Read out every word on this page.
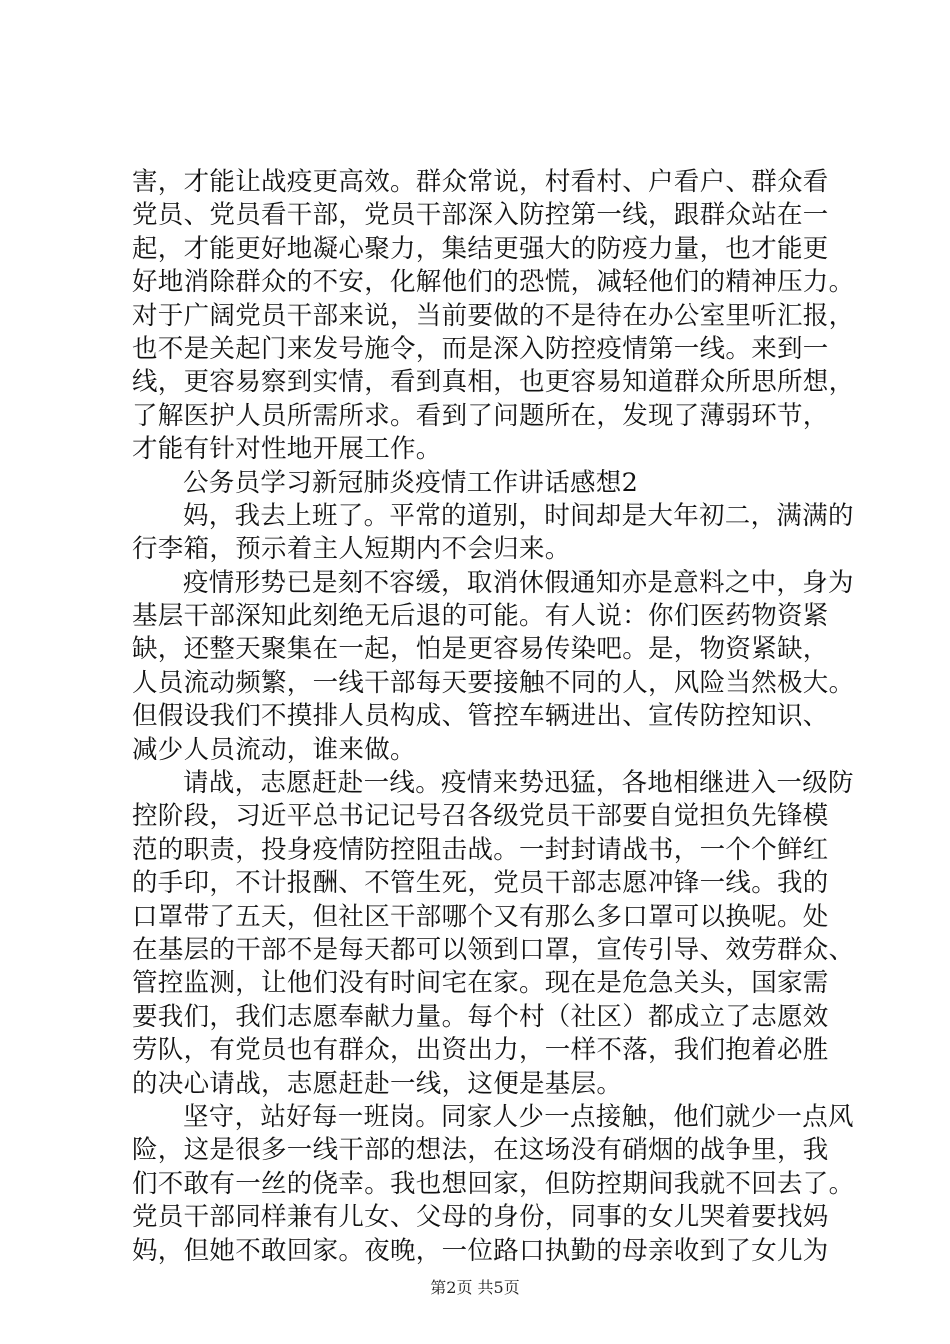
害，才能让战疫更高效。群众常说，村看村、户看户、群众看
党员、党员看干部，党员干部深入防控第一线，跟群众站在一
起，才能更好地凝心聚力，集结更强大的防疫力量，也才能更
好地消除群众的不安，化解他们的恐慌，减轻他们的精神压力。
对于广阔党员干部来说，当前要做的不是待在办公室里听汇报，
也不是关起门来发号施令，而是深入防控疫情第一线。来到一
线，更容易察到实情，看到真相，也更容易知道群众所思所想，
了解医护人员所需所求。看到了问题所在，发现了薄弱环节，
才能有针对性地开展工作。
公务员学习新冠肺炎疫情工作讲话感想2
妈，我去上班了。平常的道别，时间却是大年初二，满满的
行李箱，预示着主人短期内不会归来。
疫情形势已是刻不容缓，取消休假通知亦是意料之中，身为
基层干部深知此刻绝无后退的可能。有人说：你们医药物资紧
缺，还整天聚集在一起，怕是更容易传染吧。是，物资紧缺，
人员流动频繁，一线干部每天要接触不同的人，风险当然极大。
但假设我们不摸排人员构成、管控车辆进出、宣传防控知识、
减少人员流动，谁来做。
请战，志愿赶赴一线。疫情来势迅猛，各地相继进入一级防
控阶段，习近平总书记记号召各级党员干部要自觉担负先锋模
范的职责，投身疫情防控阻击战。一封封请战书，一个个鲜红
的手印，不计报酬、不管生死，党员干部志愿冲锋一线。我的
口罩带了五天，但社区干部哪个又有那么多口罩可以换呢。处
在基层的干部不是每天都可以领到口罩，宣传引导、效劳群众、
管控监测，让他们没有时间宅在家。现在是危急关头，国家需
要我们，我们志愿奉献力量。每个村（社区）都成立了志愿效
劳队，有党员也有群众，出资出力，一样不落，我们抱着必胜
的决心请战，志愿赶赴一线，这便是基层。
坚守，站好每一班岗。同家人少一点接触，他们就少一点风
险，这是很多一线干部的想法，在这场没有硝烟的战争里，我
们不敢有一丝的侥幸。我也想回家，但防控期间我就不回去了。
党员干部同样兼有儿女、父母的身份，同事的女儿哭着要找妈
妈，但她不敢回家。夜晚，一位路口执勤的母亲收到了女儿为
第2页 共5页
